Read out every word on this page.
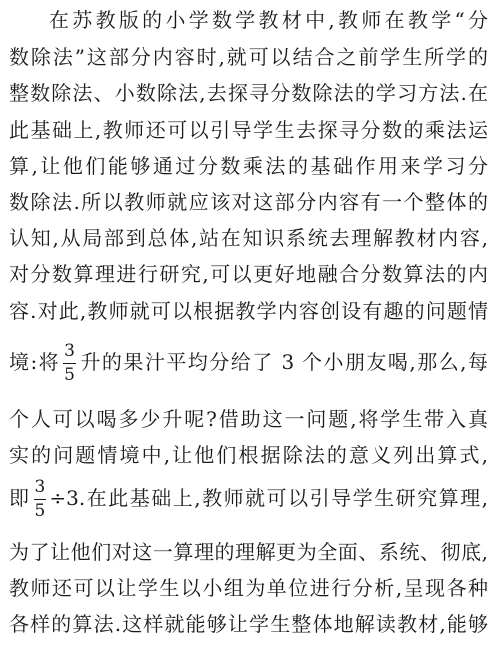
在苏教版的小学数学教材中,教师在教学“分
数除法”这部分内容时,就可以结合之前学生所学的
整数除法、小数除法,去探寻分数除法的学习方法.在
此基础上,教师还可以引导学生去探寻分数的乘法运
算,让他们能够通过分数乘法的基础作用来学习分
数除法.所以教师就应该对这部分内容有一个整体的
认知,从局部到总体,站在知识系统去理解教材内容,
对分数算理进行研究,可以更好地融合分数算法的内
容.对此,教师就可以根据教学内容创设有趣的问题情
境:将 $\frac{3}{5}$ 升的果汁平均分给了 3 个小朋友喝,那么,每
个人可以喝多少升呢?借助这一问题,将学生带入真
实的问题情境中,让他们根据除法的意义列出算式,
即 $\frac{3}{5} \div 3$.在此基础上,教师就可以引导学生研究算理,
为了让他们对这一算理的理解更为全面、系统、彻底,
教师还可以让学生以小组为单位进行分析,呈现各种
各样的算法.这样就能够让学生整体地解读教材,能够
